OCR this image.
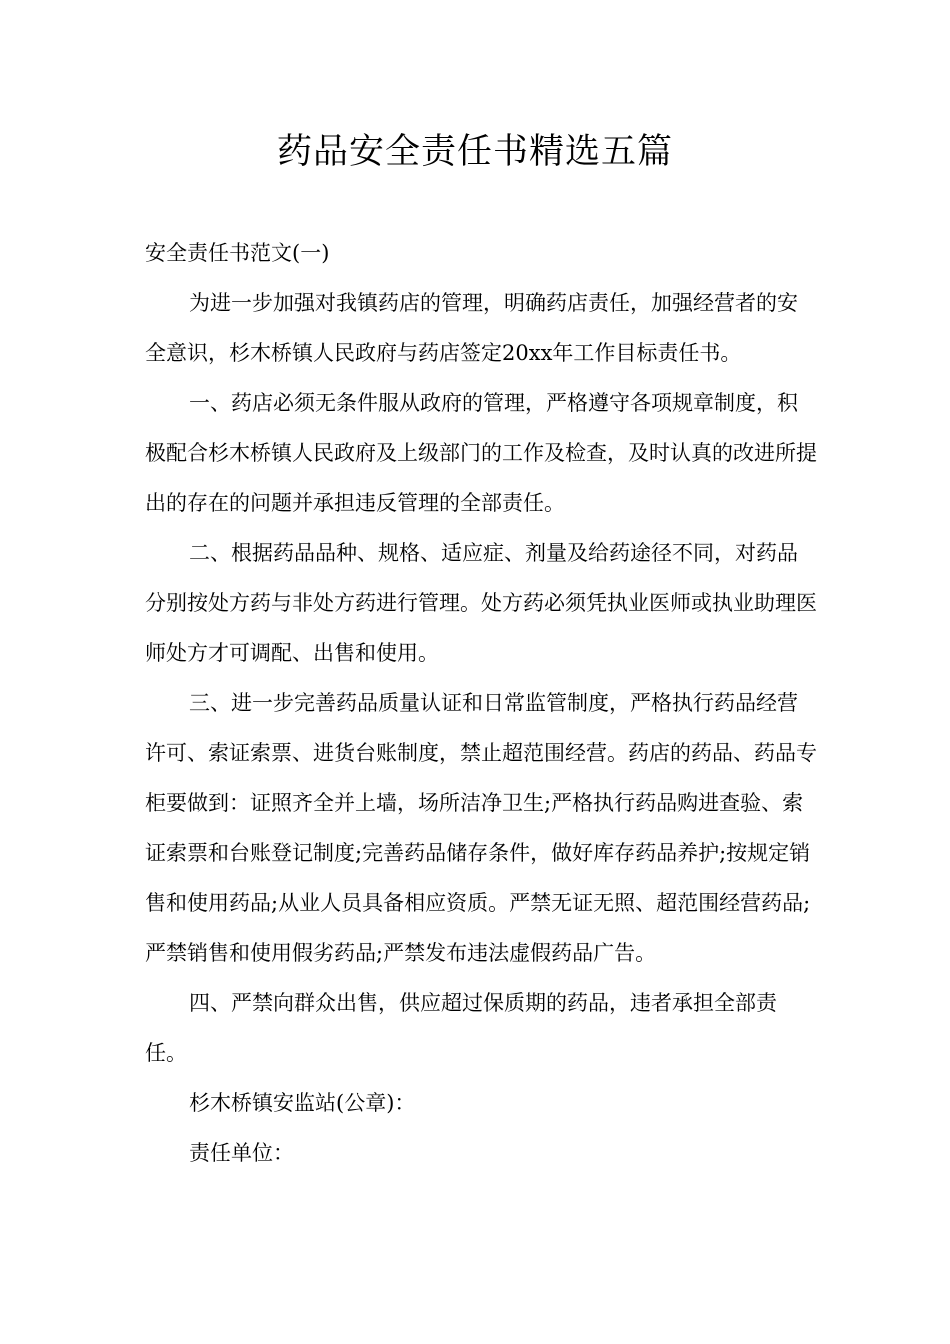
药品安全责任书精选五篇

安全责任书范文(一)

为进一步加强对我镇药店的管理，明确药店责任，加强经营者的安全意识，杉木桥镇人民政府与药店签定20xx年工作目标责任书。

一、药店必须无条件服从政府的管理，严格遵守各项规章制度，积极配合杉木桥镇人民政府及上级部门的工作及检查，及时认真的改进所提出的存在的问题并承担违反管理的全部责任。

二、根据药品品种、规格、适应症、剂量及给药途径不同，对药品分别按处方药与非处方药进行管理。处方药必须凭执业医师或执业助理医师处方才可调配、出售和使用。

三、进一步完善药品质量认证和日常监管制度，严格执行药品经营许可、索证索票、进货台账制度，禁止超范围经营。药店的药品、药品专柜要做到：证照齐全并上墙，场所洁净卫生;严格执行药品购进查验、索证索票和台账登记制度;完善药品储存条件，做好库存药品养护;按规定销售和使用药品;从业人员具备相应资质。严禁无证无照、超范围经营药品;严禁销售和使用假劣药品;严禁发布违法虚假药品广告。

四、严禁向群众出售，供应超过保质期的药品，违者承担全部责任。

杉木桥镇安监站(公章)：

责任单位：
